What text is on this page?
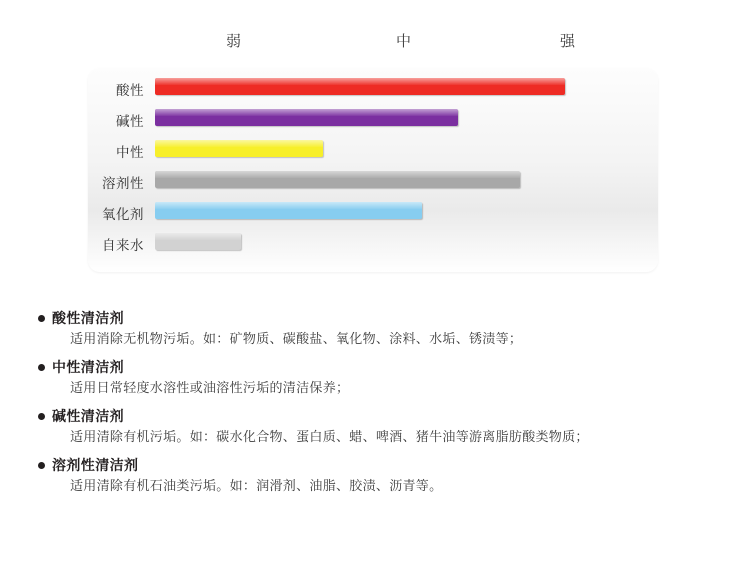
弱	中	强
酸性
碱性
中性
溶剂性
氧化剂
自来水
酸性清洁剂
适用消除无机物污垢。如：矿物质、碳酸盐、氧化物、涂料、水垢、锈渍等；
中性清洁剂
适用日常轻度水溶性或油溶性污垢的清洁保养；
碱性清洁剂
适用清除有机污垢。如：碳水化合物、蛋白质、蜡、啤酒、猪牛油等游离脂肪酸类物质；
溶剂性清洁剂
适用清除有机石油类污垢。如：润滑剂、油脂、胶渍、沥青等。
